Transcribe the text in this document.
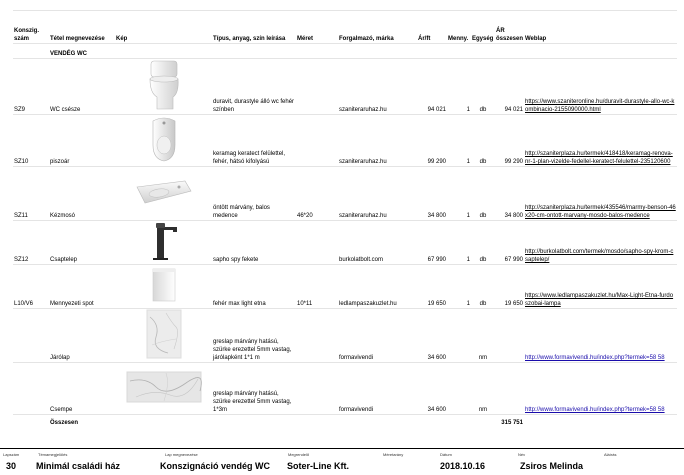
Konszig. szám	Tétel megnevezése	Kép	Típus, anyag, szín leírása	Méret	Forgalmazó, márka	Ár/ft	Menny.	Egység	ÁR összesen	Weblap
	VENDÉG WC									
SZ9	WC csésze		duravit, durastyle álló wc fehér színben		szaniteraruhaz.hu	94 021	1	db	94 021	https://www.szaniteronline.hu/duravit-durastyle-allo-wc-kombinacio-2155090000.html
SZ10	piszoár		keramag keratect felülettel, fehér, hátsó kifolyású		szaniteraruhaz.hu	99 290	1	db	99 290	http://szaniterplaza.hu/termek/418418/keramag-renova-nr-1-plan-vizelde-fedellel-keratect-felulettel-235120600
SZ11	Kézmosó		öntött márvány, balos medence	46*20	szaniteraruhaz.hu	34 800	1	db	34 800	http://szaniterplaza.hu/termek/435546/marmy-benson-46x20-cm-ontott-marvany-mosdo-balos-medence
SZ12	Csaptelep		sapho spy fekete		burkolatbolt.com	67 990	1	db	67 990	http://burkolatbolt.com/termek/mosdo/sapho-spy-krom-csaptelep/
L10/V6	Mennyezeti spot		fehér max light etna	10*11	ledlampaszakuzlet.hu	19 650	1	db	19 650	https://www.ledlampaszakuzlet.hu/Max-Light-Etna-furdoszobai-lampa
	Járólap		greslap márvány hatású, szürke erezettel 5mm vastag, járólapként 1*1 m		formavivendi	34 600		nm		http://www.formavivendi.hu/index.php?termek=58 58
	Csempe		greslap márvány hatású, szürke erezettel 5mm vastag, 1*3m		formavivendi	34 600		nm		http://www.formavivendi.hu/index.php?termek=58 58
	Összesen								315 751	
Lapszám	Témamegjelölés	Lap megnevezése	Megrendelő	Méretarány	Dátum	Név	Aláírás
30 Minimál családi ház	Konszignáció vendég WC Soter-Line Kft.	2018.10.16	Zsiros Melinda
